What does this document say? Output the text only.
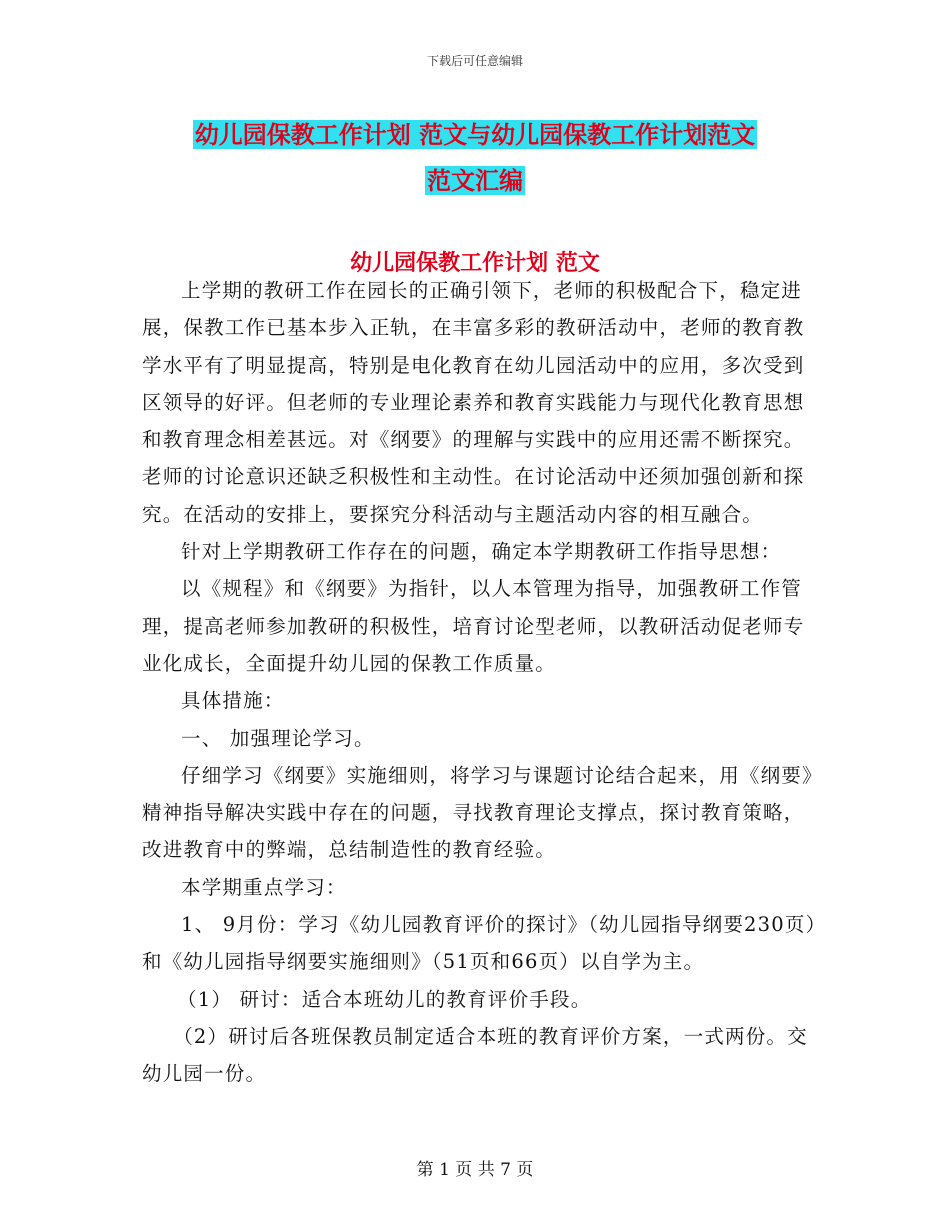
下载后可任意编辑
幼儿园保教工作计划 范文与幼儿园保教工作计划范文
范文汇编
幼儿园保教工作计划 范文

上学期的教研工作在园长的正确引领下，老师的积极配合下，稳定进展，保教工作已基本步入正轨，在丰富多彩的教研活动中，老师的教育教学水平有了明显提高，特别是电化教育在幼儿园活动中的应用，多次受到区领导的好评。但老师的专业理论素养和教育实践能力与现代化教育思想和教育理念相差甚远。对《纲要》的理解与实践中的应用还需不断探究。老师的讨论意识还缺乏积极性和主动性。在讨论活动中还须加强创新和探究。在活动的安排上，要探究分科活动与主题活动内容的相互融合。

针对上学期教研工作存在的问题，确定本学期教研工作指导思想：

以《规程》和《纲要》为指针，以人本管理为指导，加强教研工作管理，提高老师参加教研的积极性，培育讨论型老师，以教研活动促老师专业化成长，全面提升幼儿园的保教工作质量。

具体措施：

一、 加强理论学习。

仔细学习《纲要》实施细则，将学习与课题讨论结合起来，用《纲要》精神指导解决实践中存在的问题，寻找教育理论支撑点，探讨教育策略，改进教育中的弊端，总结制造性的教育经验。

本学期重点学习：

1、 9月份：学习《幼儿园教育评价的探讨》（幼儿园指导纲要230页）和《幼儿园指导纲要实施细则》（51页和66页）以自学为主。

（1） 研讨：适合本班幼儿的教育评价手段。

（2）研讨后各班保教员制定适合本班的教育评价方案，一式两份。交幼儿园一份。

第 1 页 共 7 页
